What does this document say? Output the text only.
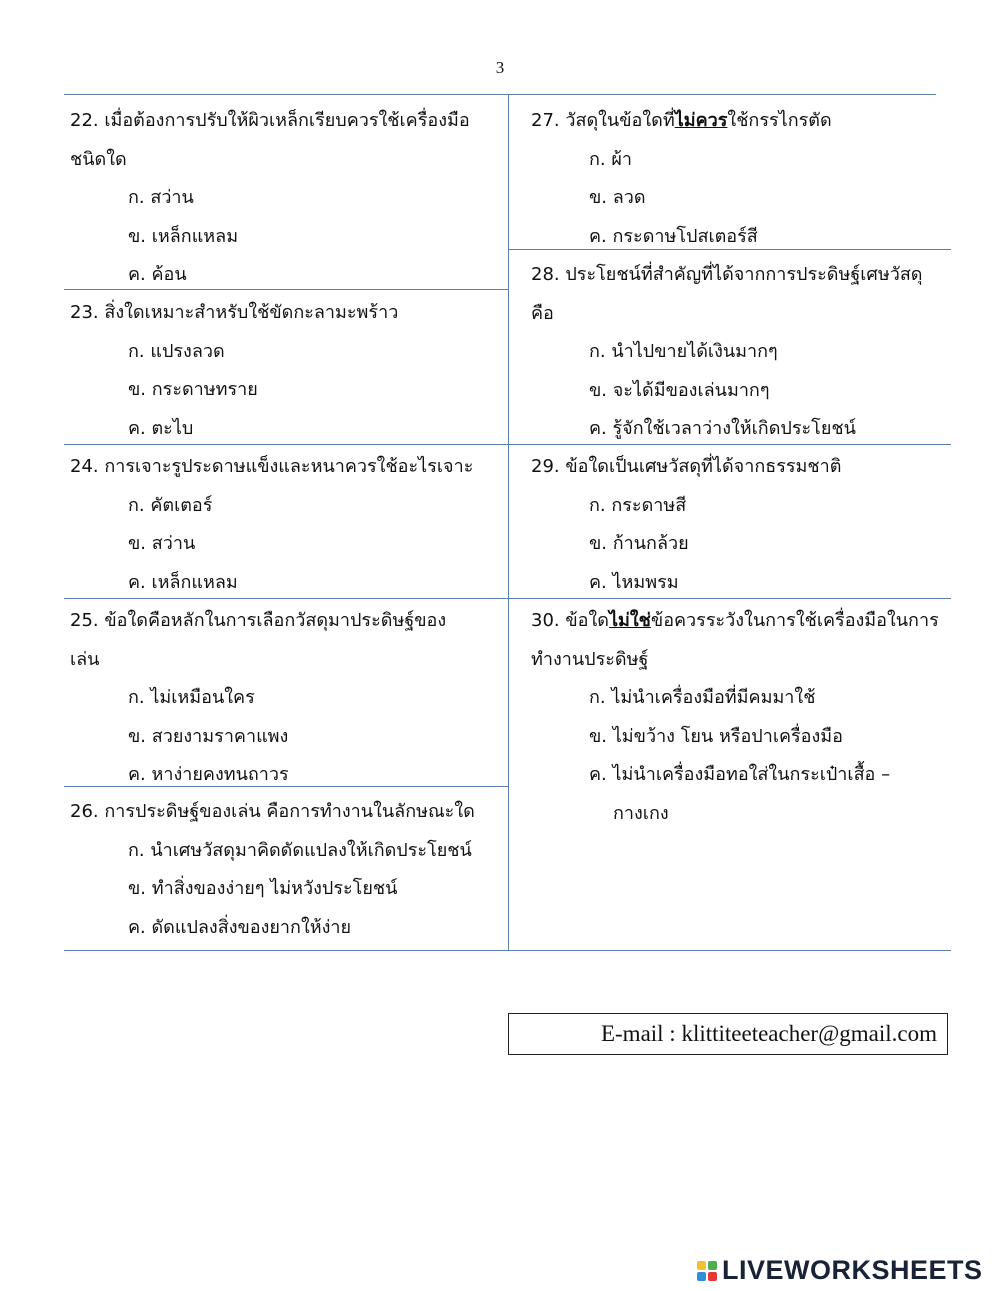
3
22. เมื่อต้องการปรับให้ผิวเหล็กเรียบควรใช้เครื่องมือ
ชนิดใด
ก. สว่าน
ข. เหล็กแหลม
ค. ค้อน
23. สิ่งใดเหมาะสำหรับใช้ขัดกะลามะพร้าว
ก. แปรงลวด
ข. กระดาษทราย
ค. ตะไบ
24. การเจาะรูประดาษแข็งและหนาควรใช้อะไรเจาะ
ก. คัตเตอร์
ข. สว่าน
ค. เหล็กแหลม
25. ข้อใดคือหลักในการเลือกวัสดุมาประดิษฐ์ของ
เล่น
ก. ไม่เหมือนใคร
ข. สวยงามราคาแพง
ค. หาง่ายคงทนถาวร
26. การประดิษฐ์ของเล่น คือการทำงานในลักษณะใด
ก. นำเศษวัสดุมาคิดดัดแปลงให้เกิดประโยชน์
ข. ทำสิ่งของง่ายๆ ไม่หวังประโยชน์
ค. ดัดแปลงสิ่งของยากให้ง่าย
27. วัสดุในข้อใดที่ไม่ควรใช้กรรไกรตัด
ก. ผ้า
ข. ลวด
ค. กระดาษโปสเตอร์สี
28. ประโยชน์ที่สำคัญที่ได้จากการประดิษฐ์เศษวัสดุ
คือ
ก. นำไปขายได้เงินมากๆ
ข. จะได้มีของเล่นมากๆ
ค. รู้จักใช้เวลาว่างให้เกิดประโยชน์
29. ข้อใดเป็นเศษวัสดุที่ได้จากธรรมชาติ
ก. กระดาษสี
ข. ก้านกล้วย
ค. ไหมพรม
30. ข้อใดไม่ใช่ข้อควรระวังในการใช้เครื่องมือในการ
ทำงานประดิษฐ์
ก. ไม่นำเครื่องมือที่มีคมมาใช้
ข. ไม่ขว้าง โยน หรือปาเครื่องมือ
ค. ไม่นำเครื่องมือทอใส่ในกระเป๋าเสื้อ –
กางเกง
E-mail : klittiteeteacher@gmail.com
LIVEWORKSHEETS
